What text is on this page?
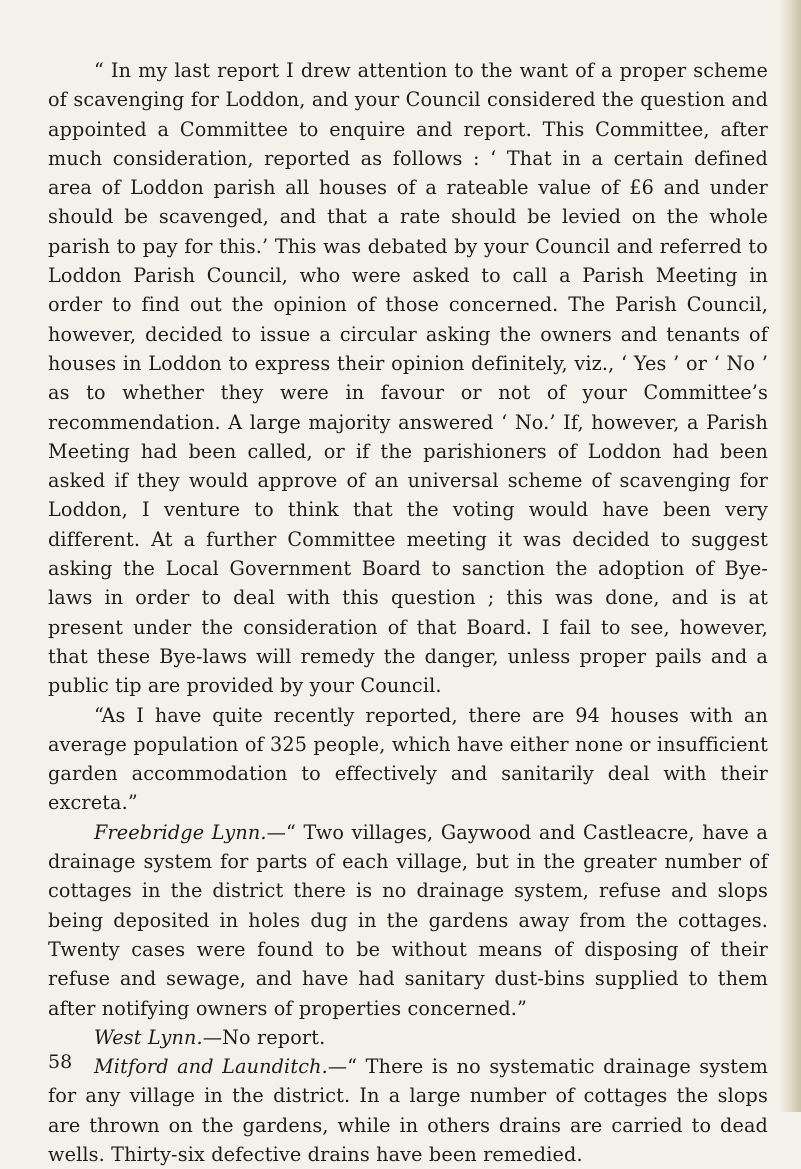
“ In my last report I drew attention to the want of a proper scheme of scavenging for Loddon, and your Council considered the question and appointed a Committee to enquire and report. This Committee, after much consideration, reported as follows : ‘ That in a certain defined area of Loddon parish all houses of a rateable value of £6 and under should be scavenged, and that a rate should be levied on the whole parish to pay for this.’ This was debated by your Council and referred to Loddon Parish Council, who were asked to call a Parish Meeting in order to find out the opinion of those concerned. The Parish Council, however, decided to issue a circular asking the owners and tenants of houses in Loddon to express their opinion definitely, viz., ‘ Yes ’ or ‘ No ’ as to whether they were in favour or not of your Committee’s recommendation. A large majority answered ‘ No.’ If, however, a Parish Meeting had been called, or if the parishioners of Loddon had been asked if they would approve of an universal scheme of scavenging for Loddon, I venture to think that the voting would have been very different. At a further Committee meeting it was decided to suggest asking the Local Government Board to sanction the adoption of Bye-laws in order to deal with this question ; this was done, and is at present under the consideration of that Board. I fail to see, however, that these Bye-laws will remedy the danger, unless proper pails and a public tip are provided by your Council.

“As I have quite recently reported, there are 94 houses with an average population of 325 people, which have either none or insufficient garden accommodation to effectively and sanitarily deal with their excreta.”

Freebridge Lynn.—“ Two villages, Gaywood and Castleacre, have a drainage system for parts of each village, but in the greater number of cottages in the district there is no drainage system, refuse and slops being deposited in holes dug in the gardens away from the cottages. Twenty cases were found to be without means of disposing of their refuse and sewage, and have had sanitary dust-bins supplied to them after notifying owners of properties concerned.”

West Lynn.—No report.

Mitford and Launditch.—“ There is no systematic drainage system for any village in the district. In a large number of cottages the slops are thrown on the gardens, while in others drains are carried to dead wells. Thirty-six defective drains have been remedied.

58
